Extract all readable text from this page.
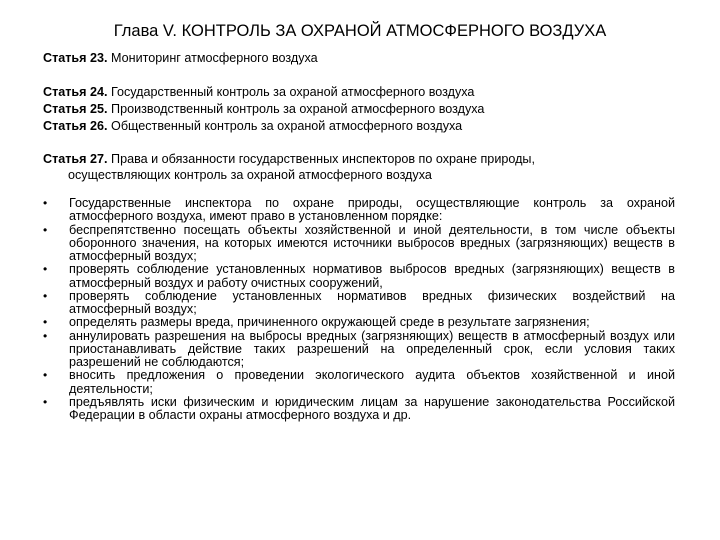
Глава V. КОНТРОЛЬ ЗА ОХРАНОЙ АТМОСФЕРНОГО ВОЗДУХА
Статья 23. Мониторинг атмосферного воздуха
Статья 24. Государственный контроль за охраной атмосферного воздуха
Статья 25. Производственный контроль за охраной атмосферного воздуха
Статья 26. Общественный контроль за охраной атмосферного воздуха
Статья 27. Права и обязанности государственных инспекторов по охране природы,
осуществляющих контроль за охраной атмосферного воздуха
• Государственные инспектора по охране природы, осуществляющие контроль за охраной атмосферного воздуха, имеют право в установленном порядке:
• беспрепятственно посещать объекты хозяйственной и иной деятельности, в том числе объекты оборонного значения, на которых имеются источники выбросов вредных (загрязняющих) веществ в атмосферный воздух;
• проверять соблюдение установленных нормативов выбросов вредных (загрязняющих) веществ в атмосферный воздух и работу очистных сооружений,
• проверять соблюдение установленных нормативов вредных физических воздействий на атмосферный воздух;
• определять размеры вреда, причиненного окружающей среде в результате загрязнения;
• аннулировать разрешения на выбросы вредных (загрязняющих) веществ в атмосферный воздух или приостанавливать действие таких разрешений на определенный срок, если условия таких разрешений не соблюдаются;
• вносить предложения о проведении экологического аудита объектов хозяйственной и иной деятельности;
• предъявлять иски физическим и юридическим лицам за нарушение законодательства Российской Федерации в области охраны атмосферного воздуха и др.
